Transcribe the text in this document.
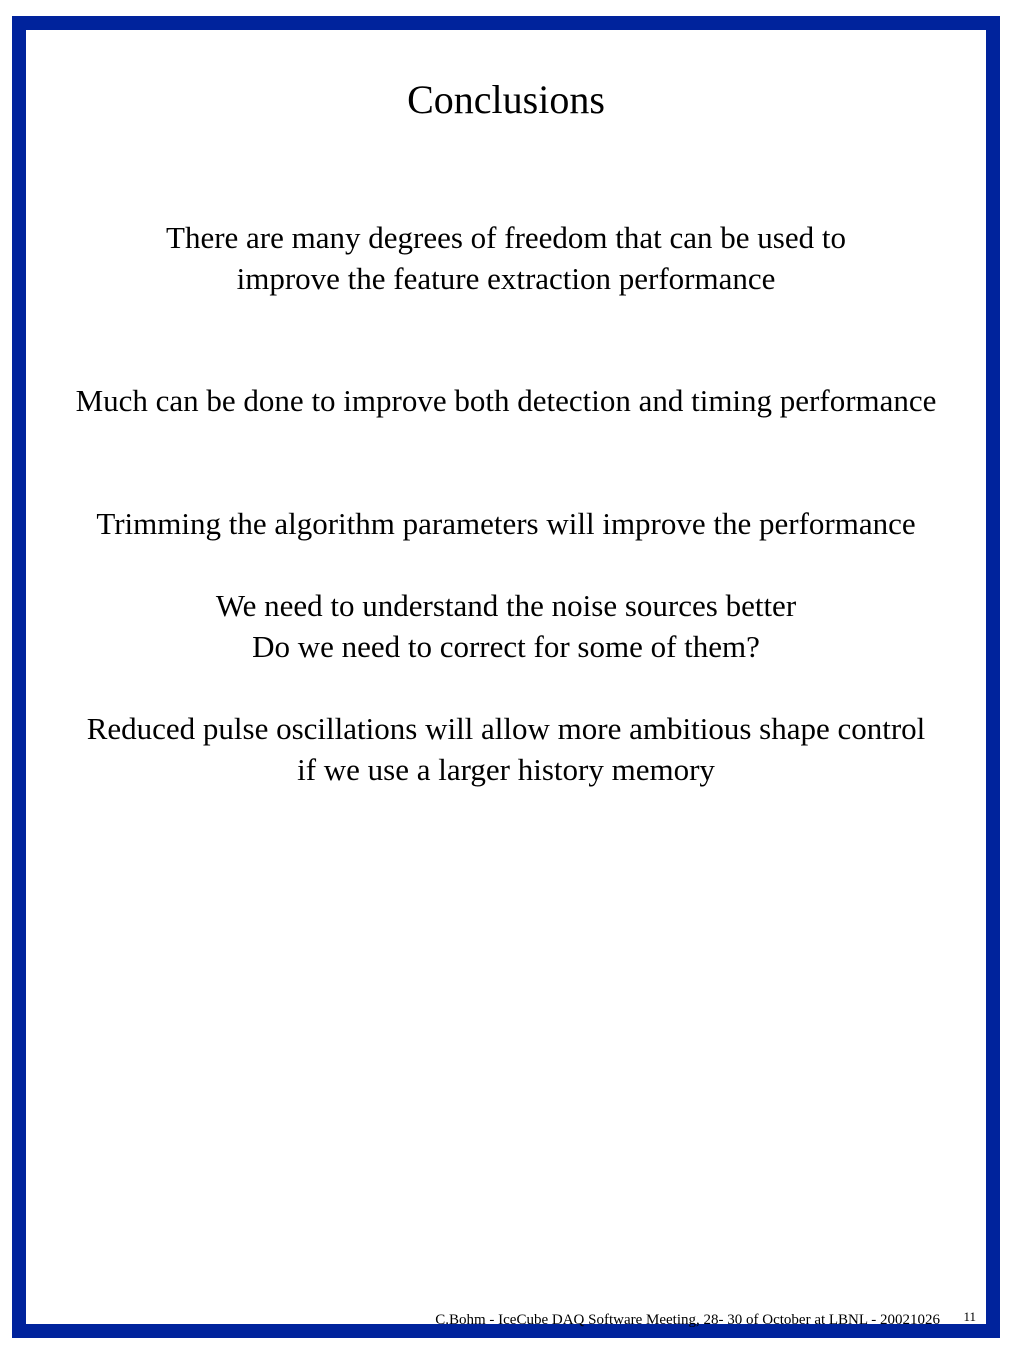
Conclusions
There are many degrees of freedom that can be used to
improve the feature extraction performance
Much can be done to improve both detection and timing performance
Trimming the algorithm parameters will improve the performance
We need to understand the noise sources better
Do we need to correct for some of them?
Reduced pulse oscillations will allow more ambitious shape control
if we use a larger history memory
C.Bohm - IceCube DAQ Software Meeting, 28- 30 of October at LBNL - 20021026 11
